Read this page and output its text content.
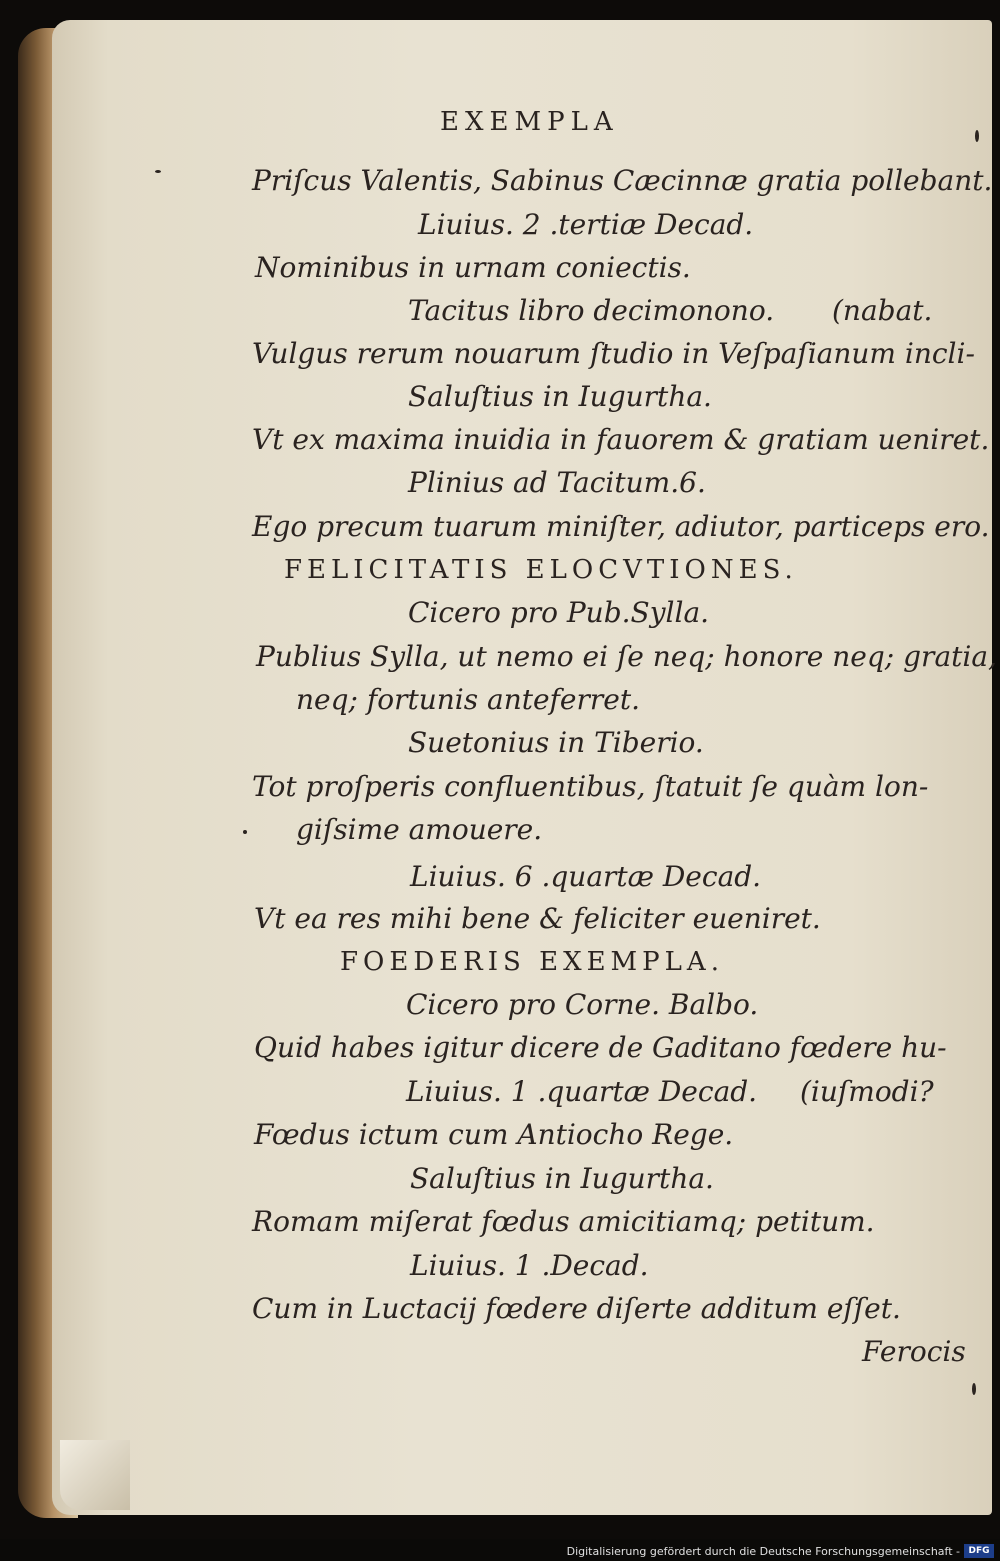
EXEMPLA
Priſcus Valentis, Sabinus Cæcinnæ gratia pollebant.
Liuius. 2 .tertiæ Decad.
Nominibus in urnam coniectis.
Tacitus libro decimonono. (nabat.
Vulgus rerum nouarum ſtudio in Veſpaſianum incli-
Saluſtius in Iugurtha.
Vt ex maxima inuidia in fauorem & gratiam ueniret.
Plinius ad Tacitum.6.
Ego precum tuarum miniſter, adiutor, particeps ero.
FELICITATIS ELOCVTIONES.
Cicero pro Pub.Sylla.
Publius Sylla, ut nemo ei ſe neq; honore neq; gratia,
neq; fortunis anteferret.
Suetonius in Tiberio.
Tot proſperis confluentibus, ſtatuit ſe quàm lon-
giſsime amouere.
Liuius. 6 .quartæ Decad.
Vt ea res mihi bene & feliciter eueniret.
FOEDERIS EXEMPLA.
Cicero pro Corne. Balbo.
Quid habes igitur dicere de Gaditano fœdere hu-
Liuius. 1 .quartæ Decad. (iuſmodi?
Fœdus ictum cum Antiocho Rege.
Saluſtius in Iugurtha.
Romam miſerat fœdus amicitiamq; petitum.
Liuius. 1 .Decad.
Cum in Luctacij fœdere diſerte additum eſſet.
Ferocis
Digitalisierung gefördert durch die Deutsche Forschungsgemeinschaft - DFG
